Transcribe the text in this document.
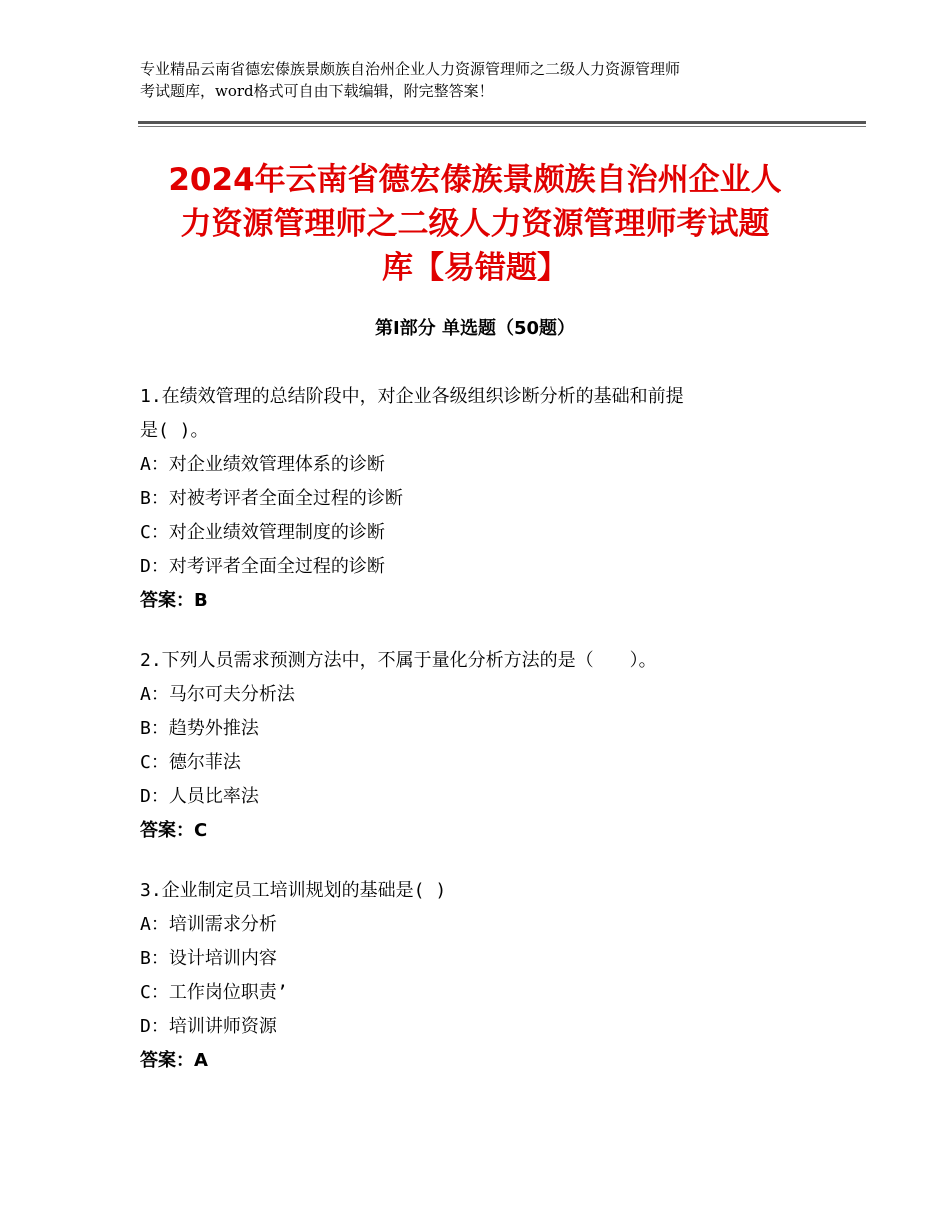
专业精品云南省德宏傣族景颇族自治州企业人力资源管理师之二级人力资源管理师
考试题库，word格式可自由下载编辑，附完整答案！
2024年云南省德宏傣族景颇族自治州企业人
力资源管理师之二级人力资源管理师考试题
库【易错题】
第Ⅰ部分 单选题（50题）
1.在绩效管理的总结阶段中，对企业各级组织诊断分析的基础和前提
是( )。
A：对企业绩效管理体系的诊断
B：对被考评者全面全过程的诊断
C：对企业绩效管理制度的诊断
D：对考评者全面全过程的诊断
答案：B
2.下列人员需求预测方法中，不属于量化分析方法的是（　　）。
A：马尔可夫分析法
B：趋势外推法
C：德尔菲法
D：人员比率法
答案：C
3.企业制定员工培训规划的基础是( )
A：培训需求分析
B：设计培训内容
C：工作岗位职责’
D：培训讲师资源
答案：A
